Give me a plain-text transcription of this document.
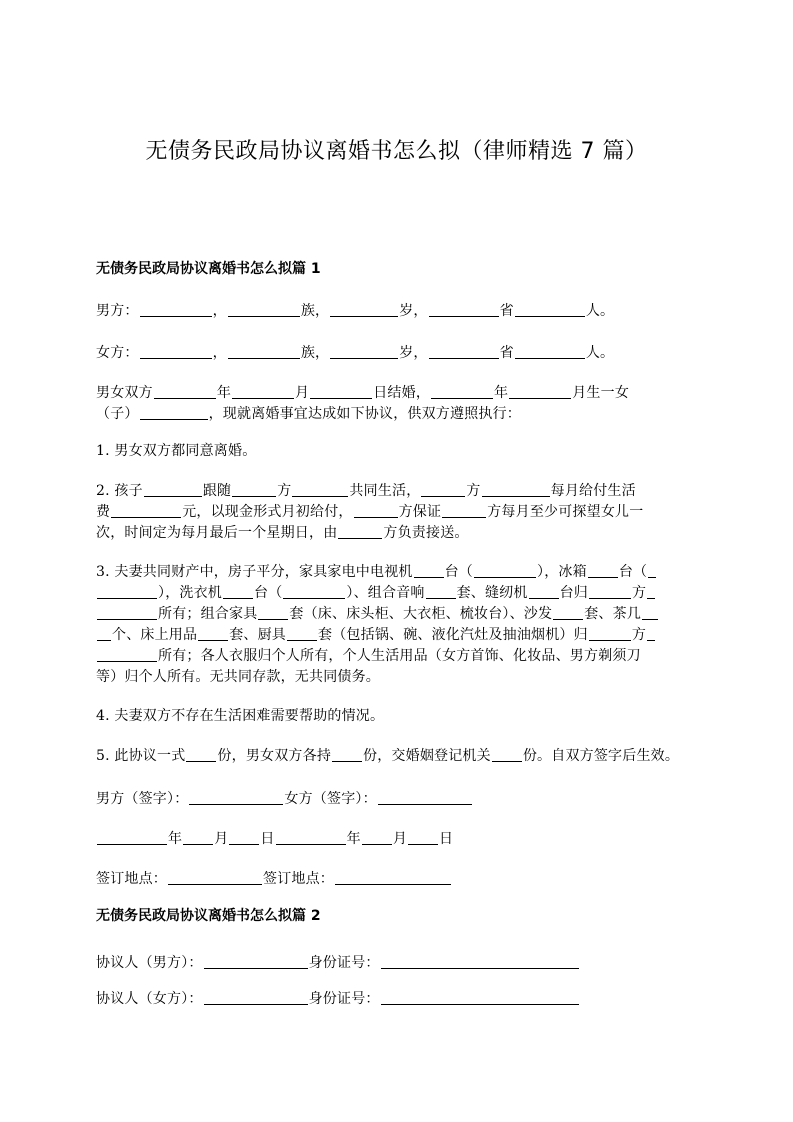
无债务民政局协议离婚书怎么拟（律师精选 7 篇）
无债务民政局协议离婚书怎么拟篇 1
男方：	，	族，	岁，	省	人。
女方：	，	族，	岁，	省	人。
男女双方	年	月	日结婚，	年	月生一女
（子）	，现就离婚事宜达成如下协议，供双方遵照执行：
1. 男女双方都同意离婚。
2. 孩子	跟随	方	共同生活，	方	每月给付生活
费	元，以现金形式月初给付，	方保证	方每月至少可探望女儿一
次，时间定为每月最后一个星期日，由	方负责接送。
3. 夫妻共同财产中，房子平分，家具家电中电视机 台（	），冰箱 台（
），洗衣机 台（	）、组合音响 套、缝纫机 台归	方
所有；组合家具 套（床、床头柜、大衣柜、梳妆台）、沙发 套、茶几
个、床上用品 套、厨具 套（包括锅、碗、液化汽灶及抽油烟机）归	方
所有；各人衣服归个人所有，个人生活用品（女方首饰、化妆品、男方剃须刀
等）归个人所有。无共同存款，无共同债务。
4. 夫妻双方不存在生活困难需要帮助的情况。
5. 此协议一式 份，男女双方各持 份，交婚姻登记机关 份。自双方签字后生效。
男方（签字）：	女方（签字）：
年 月 日	年 月 日
签订地点：	签订地点：
无债务民政局协议离婚书怎么拟篇 2
协议人（男方）：	身份证号：
协议人（女方）：	身份证号：
